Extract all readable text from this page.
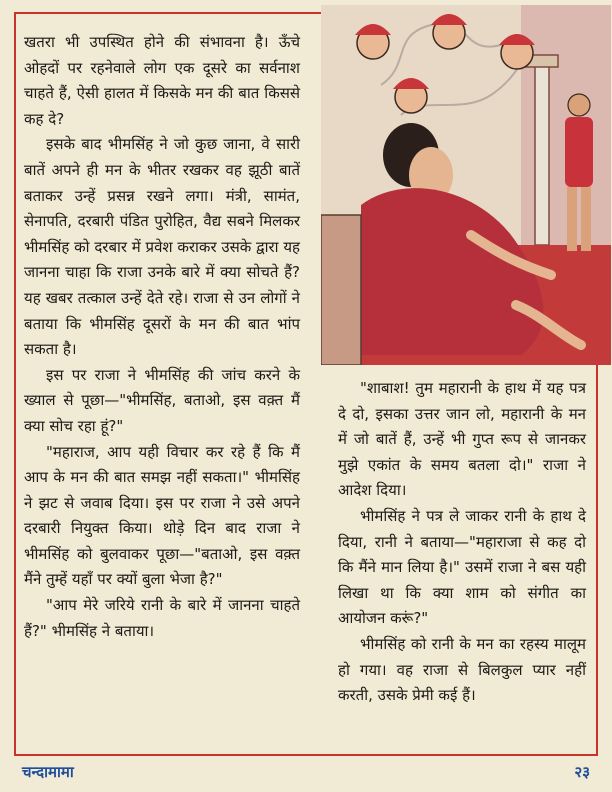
खतरा भी उपस्थित होने की संभावना है। ऊँचे ओहदों पर रहनेवाले लोग एक दूसरे का सर्वनाश चाहते हैं, ऐसी हालत में किसके मन की बात किससे कह दे?

इसके बाद भीमसिंह ने जो कुछ जाना, वे सारी बातें अपने ही मन के भीतर रखकर वह झूठी बातें बताकर उन्हें प्रसन्न रखने लगा। मंत्री, सामंत, सेनापति, दरबारी पंडित पुरोहित, वैद्य सबने मिलकर भीमसिंह को दरबार में प्रवेश कराकर उसके द्वारा यह जानना चाहा कि राजा उनके बारे में क्या सोचते हैं? यह खबर तत्काल उन्हें देते रहे। राजा से उन लोगों ने बताया कि भीमसिंह दूसरों के मन की बात भांप सकता है।

इस पर राजा ने भीमसिंह की जांच करने के ख्याल से पूछा—"भीमसिंह, बताओ, इस वक़्त मैं क्या सोच रहा हूं?"

"महाराज, आप यही विचार कर रहे हैं कि मैं आप के मन की बात समझ नहीं सकता।" भीमसिंह ने झट से जवाब दिया। इस पर राजा ने उसे अपने दरबारी नियुक्त किया। थोड़े दिन बाद राजा ने भीमसिंह को बुलवाकर पूछा—"बताओ, इस वक़्त मैंने तुम्हें यहाँ पर क्यों बुला भेजा है?"

"आप मेरे जरिये रानी के बारे में जानना चाहते हैं?" भीमसिंह ने बताया।

"शाबाश! तुम महारानी के हाथ में यह पत्र दे दो, इसका उत्तर जान लो, महारानी के मन में जो बातें हैं, उन्हें भी गुप्त रूप से जानकर मुझे एकांत के समय बतला दो।" राजा ने आदेश दिया।

भीमसिंह ने पत्र ले जाकर रानी के हाथ दे दिया, रानी ने बताया—"महाराजा से कह दो कि मैंने मान लिया है।" उसमें राजा ने बस यही लिखा था कि क्या शाम को संगीत का आयोजन करूं?"

भीमसिंह को रानी के मन का रहस्य मालूम हो गया। वह राजा से बिलकुल प्यार नहीं करती, उसके प्रेमी कई हैं।

चन्दामामा	२३
